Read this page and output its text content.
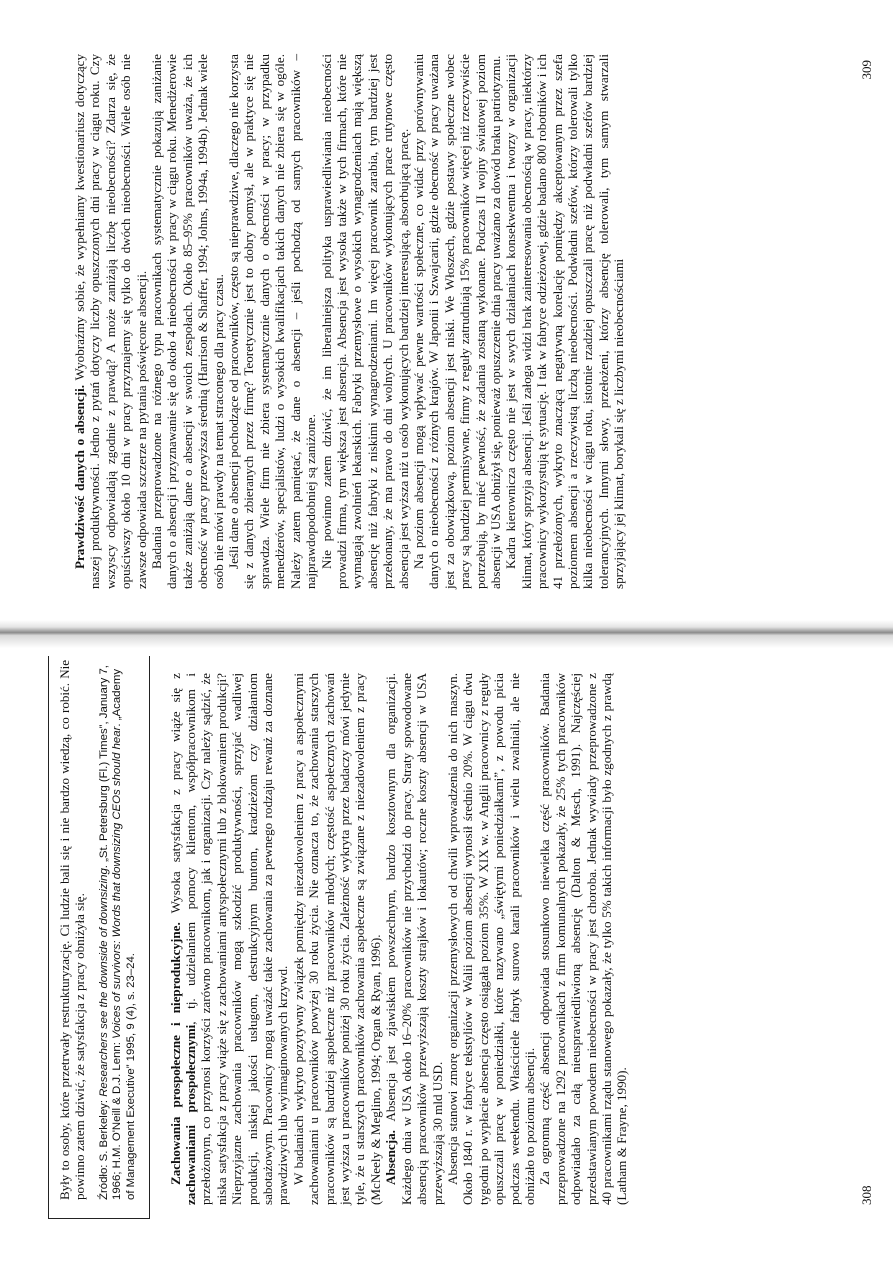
Były to osoby, które przetrwały restrukturyzację. Ci ludzie bali się i nie bardzo wiedzą, co robić. Nie powinno zatem dziwić, że satysfakcja z pracy obniżyła się. Źródło: S. Berkeley: Researchers see the downside of downsizing. „St. Petersburg (Fl.) Times”, January 7, 1966; H.M. O'Neill & D.J. Lenn: Voices of survivors: Words that downsizing CEOs should hear. „Academy of Management Executive” 1995, 9 (4), s. 23–24. Zachowania prospołeczne i nieprodukcyjne. Wysoka satysfakcja z pracy wiąże się z zachowaniami prospołecznymi, tj. udzielaniem pomocy klientom, współpracownikom i przełożonym, co przynosi korzyści zarówno pracownikom, jak i organizacji. Czy należy sądzić, że niska satysfakcja z pracy wiąże się z zachowaniami antyspołecznymi lub z blokowaniem produkcji? Nieprzyjazne zachowania pracowników mogą szkodzić produktywności, sprzyjać wadliwej produkcji, niskiej jakości usługom, destrukcyjnym buntom, kradzieżom czy działaniom sabotażowym. Pracownicy mogą uważać takie zachowania za pewnego rodzaju rewanż za doznane prawdziwych lub wyimaginowanych krzywd. W badaniach wykryto pozytywny związek pomiędzy niezadowoleniem z pracy a aspołecznymi zachowaniami u pracowników powyżej 30 roku życia. Nie oznacza to, że zachowania starszych pracowników są bardziej aspołeczne niż pracowników młodych; częstość aspołecznych zachowań jest wyższa u pracowników poniżej 30 roku życia. Zależność wykryta przez badaczy mówi jedynie tyle, że u starszych pracowników zachowania aspołeczne są związane z niezadowoleniem z pracy (McNeely & Meglino, 1994; Organ & Ryan, 1996). Absencja. Absencja jest zjawiskiem powszechnym, bardzo kosztownym dla organizacji. Każdego dnia w USA około 16–20% pracowników nie przychodzi do pracy. Straty spowodowane absencją pracowników przewyższają koszty strajków i lokautów; roczne koszty absencji w USA przewyższają 30 mld USD. Absencja stanowi zmorę organizacji przemysłowych od chwili wprowadzenia do nich maszyn. Około 1840 r. w fabryce tekstyliów w Walii poziom absencji wynosił średnio 20%. W ciągu dwu tygodni po wypłacie absencja często osiągała poziom 35%. W XIX w. w Anglii pracownicy z reguły opuszczali pracę w poniedziałki, które nazywano „świętymi poniedziałkami”, z powodu picia podczas weekendu. Właściciele fabryk surowo karali pracowników i wielu zwalniali, ale nie obniżało to poziomu absencji. Za ogromną część absencji odpowiada stosunkowo niewielka część pracowników. Badania przeprowadzone na 1292 pracownikach z firm komunalnych pokazały, że 25% tych pracowników odpowiadało za całą nieusprawiedliwioną absencję (Dalton & Mesch, 1991). Najczęściej przedstawianym powodem nieobecności w pracy jest choroba. Jednak wywiady przeprowadzone z 40 pracownikami rządu stanowego pokazały, że tylko 5% takich informacji było zgodnych z prawdą (Latham & Frayne, 1990).	308

Prawdziwość danych o absencji. Wyobraźmy sobie, że wypełniamy kwestionariusz dotyczący naszej produktywności. Jedno z pytań dotyczy liczby opuszczonych dni pracy w ciągu roku. Czy wszyscy odpowiadają zgodnie z prawdą? A może zaniżają liczbę nieobecności? Zdarza się, że opuściwszy około 10 dni w pracy przyznajemy się tylko do dwóch nieobecności. Wiele osób nie zawsze odpowiada szczerze na pytania poświęcone absencji. Badania przeprowadzone na różnego typu pracownikach systematycznie pokazują zaniżanie danych o absencji i przyznawanie się do około 4 nieobecności w pracy w ciągu roku. Menedżerowie także zaniżają dane o absencji w swoich zespołach. Około 85–95% pracowników uważa, że ich obecność w pracy przewyższa średnią (Harrison & Shaffer, 1994; Johns, 1994a, 1994b). Jednak wiele osób nie mówi prawdy na temat straconego dla pracy czasu. Jeśli dane o absencji pochodzące od pracowników, często są nieprawdziwe, dlaczego nie korzysta się z danych zbieranych przez firmę? Teoretycznie jest to dobry pomysł, ale w praktyce się nie sprawdza. Wiele firm nie zbiera systematycznie danych o obecności w pracy; w przypadku menedżerów, specjalistów, ludzi o wysokich kwalifikacjach takich danych nie zbiera się w ogóle. Należy zatem pamiętać, że dane o absencji – jeśli pochodzą od samych pracowników – najprawdopodobniej są zaniżone. Nie powinno zatem dziwić, że im liberalniejsza polityka usprawiedliwiania nieobecności prowadzi firma, tym większa jest absencja. Absencja jest wysoka także w tych firmach, które nie wymagają zwolnień lekarskich. Fabryki przemysłowe o wysokich wynagrodzeniach mają większą absencję niż fabryki z niskimi wynagrodzeniami. Im więcej pracownik zarabia, tym bardziej jest przekonany, że ma prawo do dni wolnych. U pracowników wykonujących prace rutynowe często absencja jest wyższa niż u osób wykonujących bardziej interesującą, absorbującą pracę. Na poziom absencji mogą wpływać pewne wartości społeczne, co widać przy porównywaniu danych o nieobecności z różnych krajów. W Japonii i Szwajcarii, gdzie obecność w pracy uważana jest za obowiązkową, poziom absencji jest niski. We Włoszech, gdzie postawy społeczne wobec pracy są bardziej permisywne, firmy z reguły zatrudniają 15% pracowników więcej niż rzeczywiście potrzebują, by mieć pewność, że zadania zostaną wykonane. Podczas II wojny światowej poziom absencji w USA obniżył się, ponieważ opuszczenie dnia pracy uważano za dowód braku patriotyzmu. Kadra kierownicza często nie jest w swych działaniach konsekwentna i tworzy w organizacji klimat, który sprzyja absencji. Jeśli załoga widzi brak zainteresowania obecnością w pracy, niektórzy pracownicy wykorzystują tę sytuację. I tak w fabryce odzieżowej, gdzie badano 800 robotników i ich 41 przełożonych, wykryto znaczącą negatywną korelację pomiędzy akceptowanym przez szefa poziomem absencji a rzeczywistą liczbą nieobecności. Podwładni szefów, którzy tolerowali tylko kilka nieobecności w ciągu roku, istotnie rzadziej opuszczali pracę niż podwładni szefów bardziej tolerancyjnych. Innymi słowy, przełożeni, którzy absencję tolerowali, tym samym stwarzali sprzyjający jej klimat, borykali się z liczbymi nieobecnościami

309
